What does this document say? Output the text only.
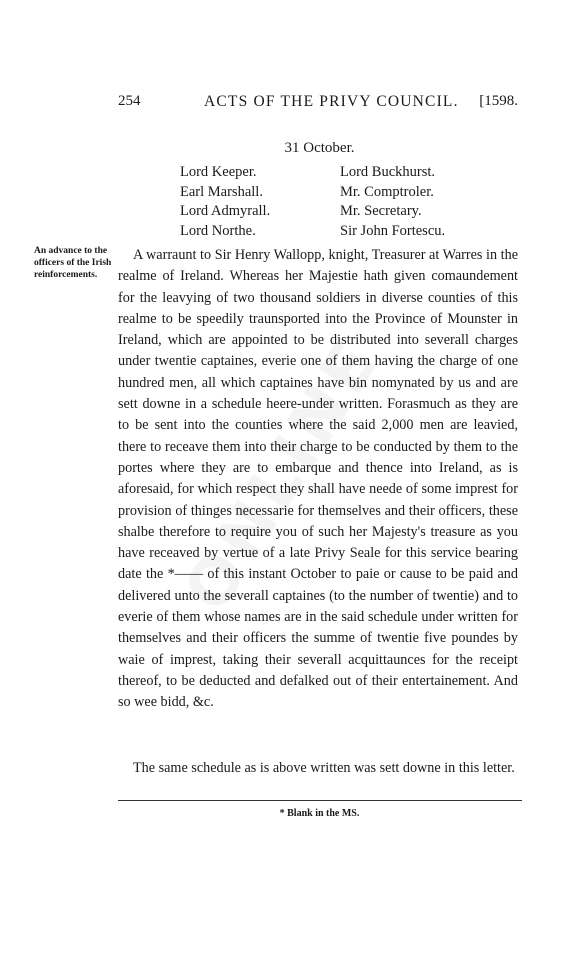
254	ACTS OF THE PRIVY COUNCIL. [1598.
31 October.
Lord Keeper.	Lord Buckhurst.
Earl Marshall.	Mr. Comptroler.
Lord Admyrall.	Mr. Secretary.
Lord Northe.	Sir John Fortescu.
An advance to the officers of the Irish reinforcements.

A warraunt to Sir Henry Wallopp, knight, Treasurer at Warres in the realme of Ireland. Whereas her Majestie hath given comaundement for the leavying of two thousand soldiers in diverse counties of this realme to be speedily traunsported into the Province of Mounster in Ireland, which are appointed to be distributed into severall charges under twentie captaines, everie one of them having the charge of one hundred men, all which captaines have bin nomynated by us and are sett downe in a schedule heere-under written. Forasmuch as they are to be sent into the counties where the said 2,000 men are leavied, there to receave them into their charge to be conducted by them to the portes where they are to embarque and thence into Ireland, as is aforesaid, for which respect they shall have neede of some imprest for provision of thinges necessarie for themselves and their officers, these shalbe therefore to require you of such her Majesty's treasure as you have receaved by vertue of a late Privy Seale for this service bearing date the *—— of this instant October to paie or cause to be paid and delivered unto the severall captaines (to the number of twentie) and to everie of them whose names are in the said schedule under written for themselves and their officers the summe of twentie five poundes by waie of imprest, taking their severall acquittaunces for the receipt thereof, to be deducted and defalked out of their entertainement. And so wee bidd, &c.

The same schedule as is above written was sett downe in this letter.

* Blank in the MS.
